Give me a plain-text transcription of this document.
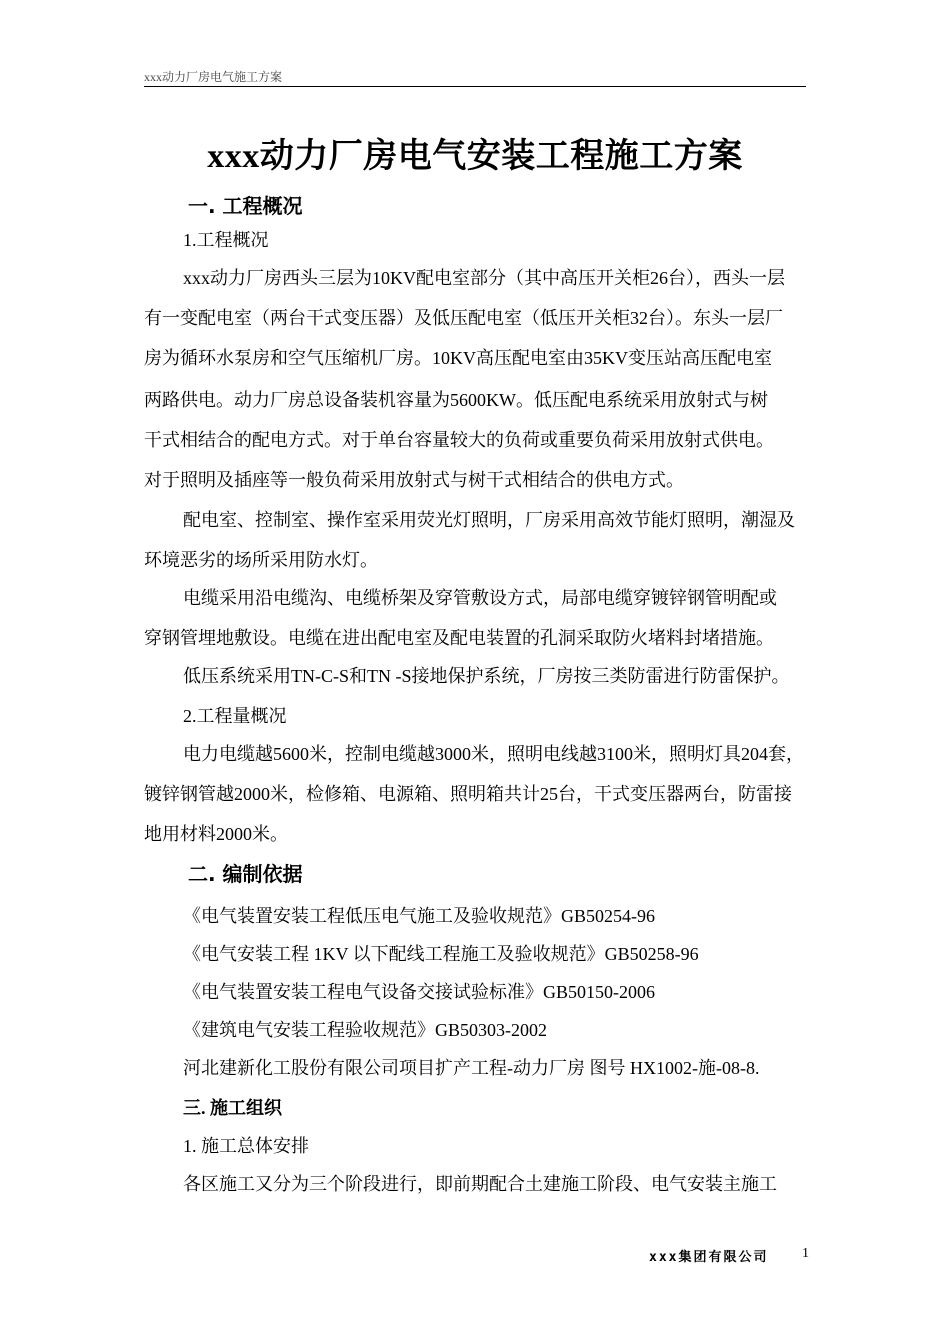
xxx动力厂房电气施工方案
xxx动力厂房电气安装工程施工方案
一. 工程概况
1.工程概况
xxx动力厂房西头三层为10KV配电室部分（其中高压开关柜26台），西头一层
有一变配电室（两台干式变压器）及低压配电室（低压开关柜32台）。东头一层厂
房为循环水泵房和空气压缩机厂房。10KV高压配电室由35KV变压站高压配电室
两路供电。动力厂房总设备装机容量为5600KW。低压配电系统采用放射式与树
干式相结合的配电方式。对于单台容量较大的负荷或重要负荷采用放射式供电。
对于照明及插座等一般负荷采用放射式与树干式相结合的供电方式。
配电室、控制室、操作室采用荧光灯照明，厂房采用高效节能灯照明，潮湿及
环境恶劣的场所采用防水灯。
电缆采用沿电缆沟、电缆桥架及穿管敷设方式，局部电缆穿镀锌钢管明配或
穿钢管埋地敷设。电缆在进出配电室及配电装置的孔洞采取防火堵料封堵措施。
低压系统采用TN-C-S和TN -S接地保护系统，厂房按三类防雷进行防雷保护。
2.工程量概况
电力电缆越5600米，控制电缆越3000米，照明电线越3100米，照明灯具204套，
镀锌钢管越2000米，检修箱、电源箱、照明箱共计25台，干式变压器两台，防雷接
地用材料2000米。
二. 编制依据
《电气装置安装工程低压电气施工及验收规范》GB50254-96
《电气安装工程 1KV 以下配线工程施工及验收规范》GB50258-96
《电气装置安装工程电气设备交接试验标准》GB50150-2006
《建筑电气安装工程验收规范》GB50303-2002
河北建新化工股份有限公司项目扩产工程-动力厂房 图号 HX1002-施-08-8.
三. 施工组织
1. 施工总体安排
各区施工又分为三个阶段进行，即前期配合土建施工阶段、电气安装主施工
xxx集团有限公司 1
